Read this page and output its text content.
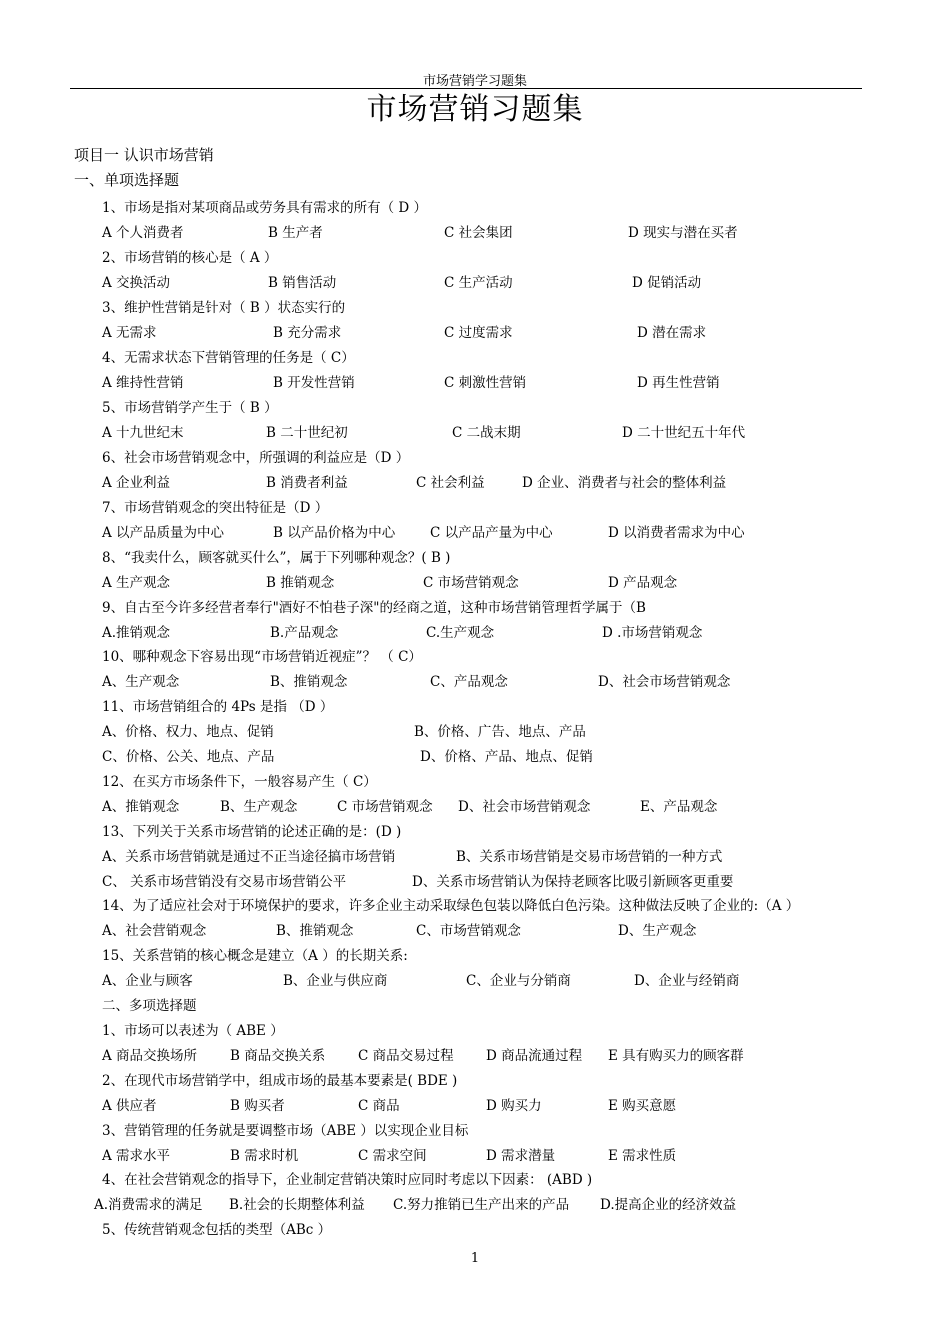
市场营销学习题集
市场营销习题集
项目一 认识市场营销
一、单项选择题
1、市场是指对某项商品或劳务具有需求的所有（ D ）
A 个人消费者	B 生产者	C 社会集团	D 现实与潜在买者
2、市场营销的核心是（ A ）
A 交换活动	B 销售活动	C 生产活动	D 促销活动
3、维护性营销是针对（ B ）状态实行的
A 无需求	B 充分需求	C 过度需求	D 潜在需求
4、无需求状态下营销管理的任务是（ C）
A 维持性营销	B 开发性营销	C 刺激性营销	D 再生性营销
5、市场营销学产生于（ B ）
A 十九世纪末	B 二十世纪初	C 二战末期	D 二十世纪五十年代
6、社会市场营销观念中，所强调的利益应是（D ）
A 企业利益	B 消费者利益	C 社会利益	D 企业、消费者与社会的整体利益
7、市场营销观念的突出特征是（D ）
A 以产品质量为中心	B 以产品价格为中心	C 以产品产量为中心	D 以消费者需求为中心
8、“我卖什么，顾客就买什么”，属于下列哪种观念？( B )
A 生产观念	B 推销观念	C 市场营销观念	D 产品观念
9、自古至今许多经营者奉行"酒好不怕巷子深"的经商之道，这种市场营销管理哲学属于（B
A.推销观念	B.产品观念	C.生产观念	D .市场营销观念
10、哪种观念下容易出现“市场营销近视症”？ （ C）
A、生产观念	B、推销观念	C、产品观念	D、社会市场营销观念
11、市场营销组合的 4Ps 是指 （D ）
A、价格、权力、地点、促销	B、价格、广告、地点、产品
C、价格、公关、地点、产品	D、价格、产品、地点、促销
12、在买方市场条件下，一般容易产生（ C）
A、推销观念	B、生产观念	C 市场营销观念 D、社会市场营销观念	E、产品观念
13、下列关于关系市场营销的论述正确的是：(D )
A、关系市场营销就是通过不正当途径搞市场营销	B、关系市场营销是交易市场营销的一种方式
C、 关系市场营销没有交易市场营销公平	D、关系市场营销认为保持老顾客比吸引新顾客更重要
14、为了适应社会对于环境保护的要求，许多企业主动采取绿色包装以降低白色污染。这种做法反映了企业的:（A ）
A、社会营销观念	B、推销观念	C、市场营销观念	D、生产观念
15、关系营销的核心概念是建立（A ）的长期关系:
A、企业与顾客	B、企业与供应商	C、企业与分销商	D、企业与经销商
二、多项选择题
1、市场可以表述为（ ABE ）
A 商品交换场所 B 商品交换关系 C 商品交易过程 D 商品流通过程 E 具有购买力的顾客群
2、在现代市场营销学中，组成市场的最基本要素是( BDE )
A 供应者	B 购买者	C 商品	D 购买力	E 购买意愿
3、营销管理的任务就是要调整市场（ABE ）以实现企业目标
A 需求水平	B 需求时机	C 需求空间	D 需求潜量	E 需求性质
4、在社会营销观念的指导下，企业制定营销决策时应同时考虑以下因素： (ABD )
A.消费需求的满足 B.社会的长期整体利益 C.努力推销已生产出来的产品 D.提高企业的经济效益
5、传统营销观念包括的类型（ABc ）
1
